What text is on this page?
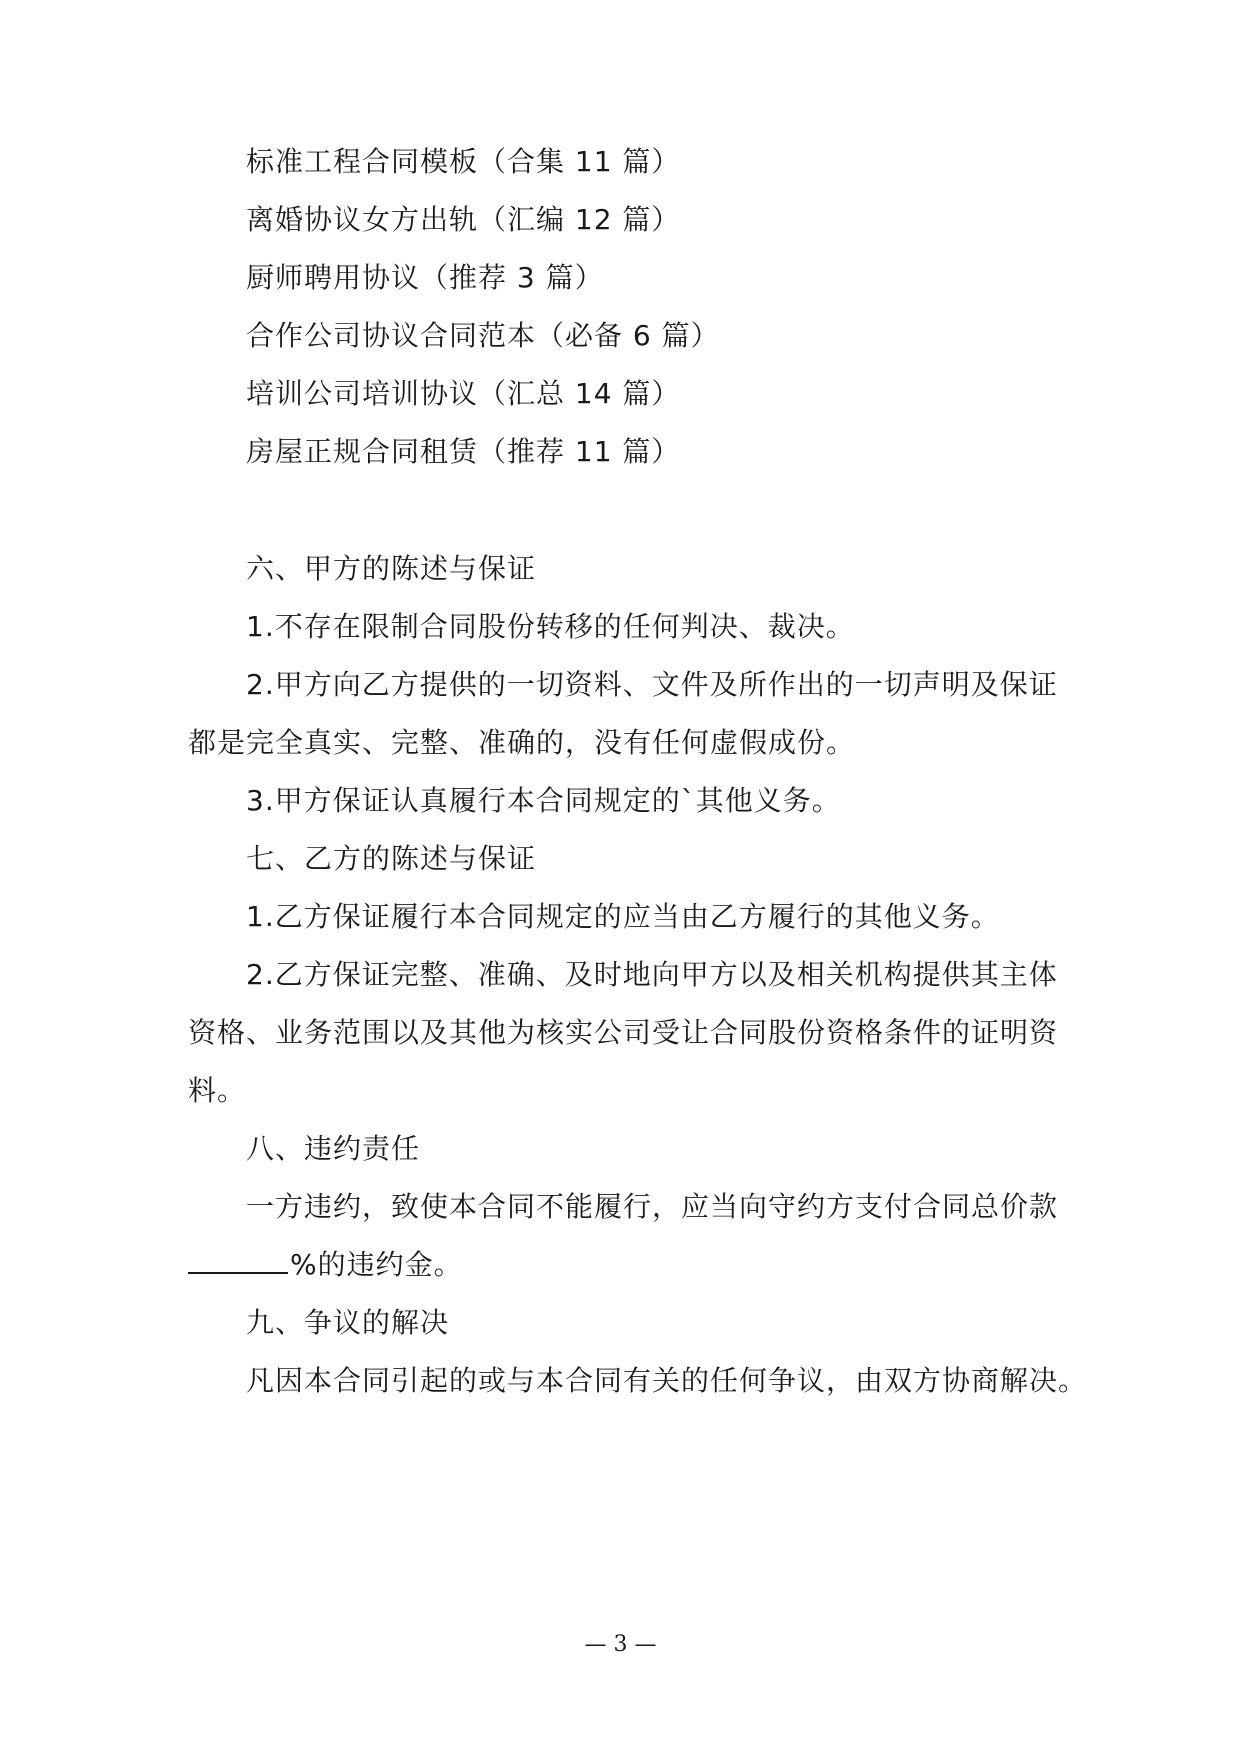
标准工程合同模板（合集 11 篇）
离婚协议女方出轨（汇编 12 篇）
厨师聘用协议（推荐 3 篇）
合作公司协议合同范本（必备 6 篇）
培训公司培训协议（汇总 14 篇）
房屋正规合同租赁（推荐 11 篇）
六、甲方的陈述与保证
1.不存在限制合同股份转移的任何判决、裁决。
2.甲方向乙方提供的一切资料、文件及所作出的一切声明及保证
都是完全真实、完整、准确的，没有任何虚假成份。
3.甲方保证认真履行本合同规定的`其他义务。
七、乙方的陈述与保证
1.乙方保证履行本合同规定的应当由乙方履行的其他义务。
2.乙方保证完整、准确、及时地向甲方以及相关机构提供其主体
资格、业务范围以及其他为核实公司受让合同股份资格条件的证明资
料。
八、违约责任
一方违约，致使本合同不能履行，应当向守约方支付合同总价款
%的违约金。
九、争议的解决
凡因本合同引起的或与本合同有关的任何争议，由双方协商解决。
— 3 —
